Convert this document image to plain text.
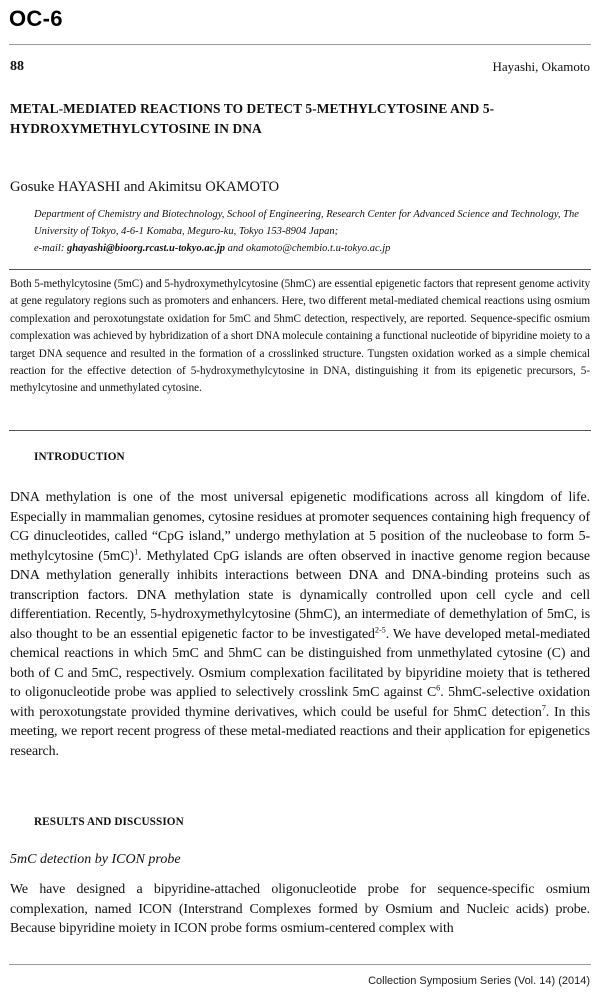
OC-6

88	Hayashi, Okamoto

METAL-MEDIATED REACTIONS TO DETECT 5-METHYLCYTOSINE AND 5-HYDROXYMETHYLCYTOSINE IN DNA

Gosuke HAYASHI and Akimitsu OKAMOTO

Department of Chemistry and Biotechnology, School of Engineering, Research Center for Advanced Science and Technology, The University of Tokyo, 4-6-1 Komaba, Meguro-ku, Tokyo 153-8904 Japan;
e-mail: ghayashi@bioorg.rcast.u-tokyo.ac.jp and okamoto@chembio.t.u-tokyo.ac.jp

Both 5-methylcytosine (5mC) and 5-hydroxymethylcytosine (5hmC) are essential epigenetic factors that represent genome activity at gene regulatory regions such as promoters and enhancers. Here, two different metal-mediated chemical reactions using osmium complexation and peroxotungstate oxidation for 5mC and 5hmC detection, respectively, are reported. Sequence-specific osmium complexation was achieved by hybridization of a short DNA molecule containing a functional nucleotide of bipyridine moiety to a target DNA sequence and resulted in the formation of a crosslinked structure. Tungsten oxidation worked as a simple chemical reaction for the effective detection of 5-hydroxymethylcytosine in DNA, distinguishing it from its epigenetic precursors, 5-methylcytosine and unmethylated cytosine.

INTRODUCTION

DNA methylation is one of the most universal epigenetic modifications across all kingdom of life. Especially in mammalian genomes, cytosine residues at promoter sequences containing high frequency of CG dinucleotides, called “CpG island,” undergo methylation at 5 position of the nucleobase to form 5-methylcytosine $(5mC)^1$. Methylated CpG islands are often observed in inactive genome region because DNA methylation generally inhibits interactions between DNA and DNA-binding proteins such as transcription factors. DNA methylation state is dynamically controlled upon cell cycle and cell differentiation. Recently, 5-hydroxymethylcytosine (5hmC), an intermediate of demethylation of 5mC, is also thought to be an essential epigenetic factor to be investigated$^{2-5}$. We have developed metal-mediated chemical reactions in which 5mC and 5hmC can be distinguished from unmethylated cytosine (C) and both of C and 5mC, respectively. Osmium complexation facilitated by bipyridine moiety that is tethered to oligonucleotide probe was applied to selectively crosslink 5mC against $C^6$. 5hmC-selective oxidation with peroxotungstate provided thymine derivatives, which could be useful for 5hmC detection$^7$. In this meeting, we report recent progress of these metal-mediated reactions and their application for epigenetics research.

RESULTS AND DISCUSSION

5mC detection by ICON probe

We have designed a bipyridine-attached oligonucleotide probe for sequence-specific osmium complexation, named ICON (Interstrand Complexes formed by Osmium and Nucleic acids) probe. Because bipyridine moiety in ICON probe forms osmium-centered complex with

Collection Symposium Series (Vol. 14) (2014)
